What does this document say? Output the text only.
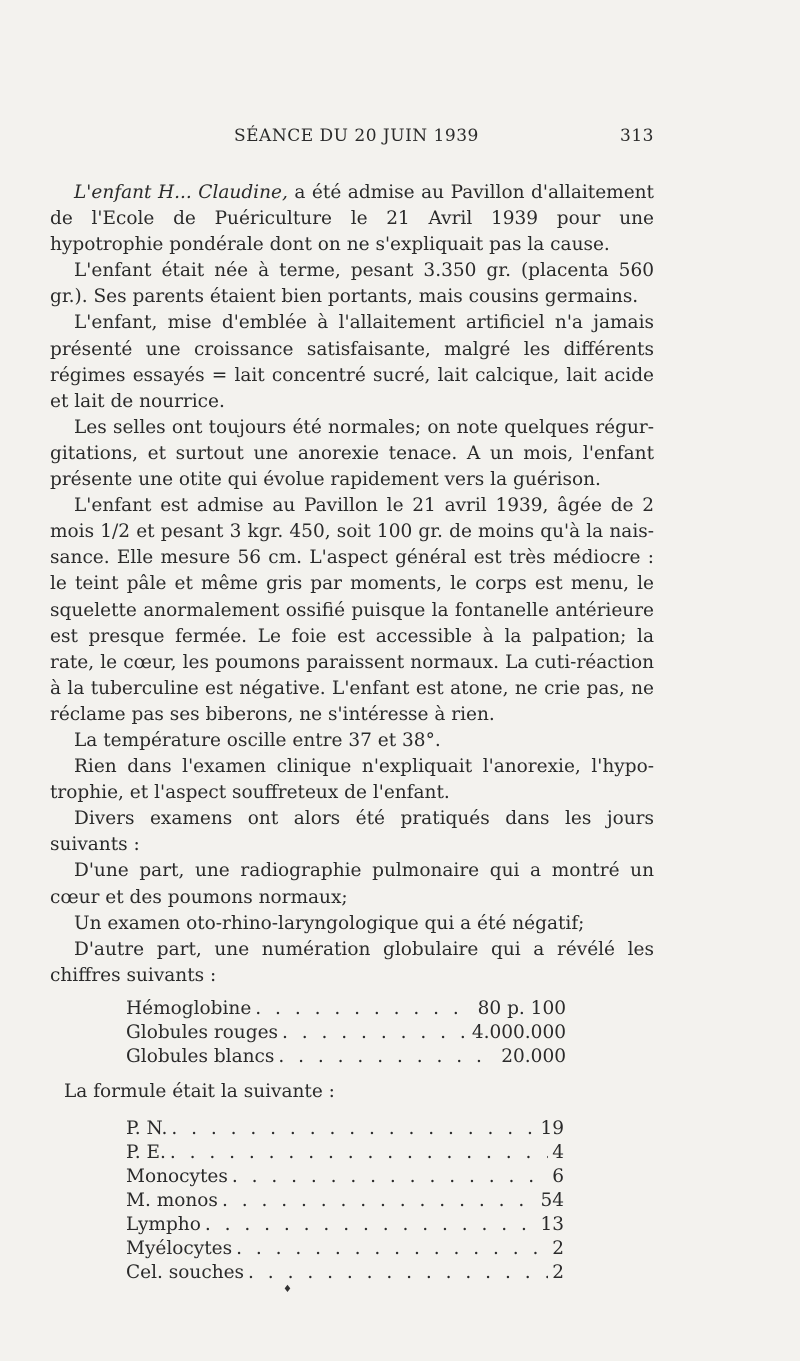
SÉANCE DU 20 JUIN 1939	313

L'enfant H... Claudine, a été admise au Pavillon d'allaitement de l'Ecole de Puériculture le 21 Avril 1939 pour une hypotrophie pondérale dont on ne s'expliquait pas la cause.

L'enfant était née à terme, pesant 3.350 gr. (placenta 560 gr.). Ses parents étaient bien portants, mais cousins germains.

L'enfant, mise d'emblée à l'allaitement artificiel n'a jamais présenté une croissance satisfaisante, malgré les différents régimes essayés = lait concentré sucré, lait calcique, lait acide et lait de nourrice.

Les selles ont toujours été normales; on note quelques régurgitations, et surtout une anorexie tenace. A un mois, l'enfant présente une otite qui évolue rapidement vers la guérison.

L'enfant est admise au Pavillon le 21 avril 1939, âgée de 2 mois 1/2 et pesant 3 kgr. 450, soit 100 gr. de moins qu'à la naissance. Elle mesure 56 cm. L'aspect général est très médiocre : le teint pâle et même gris par moments, le corps est menu, le squelette anormalement ossifié puisque la fontanelle antérieure est presque fermée. Le foie est accessible à la palpation; la rate, le cœur, les poumons paraissent normaux. La cuti-réaction à la tuberculine est négative. L'enfant est atone, ne crie pas, ne réclame pas ses biberons, ne s'intéresse à rien.

La température oscille entre 37 et 38°.

Rien dans l'examen clinique n'expliquait l'anorexie, l'hypotrophie, et l'aspect souffreteux de l'enfant.

Divers examens ont alors été pratiqués dans les jours suivants :

D'une part, une radiographie pulmonaire qui a montré un cœur et des poumons normaux;

Un examen oto-rhino-laryngologique qui a été négatif;

D'autre part, une numération globulaire qui a révélé les chiffres suivants :

Hémoglobine . . .	80 p. 100
Globules rouges . . .	4.000.000
Globules blancs . . .	20.000

La formule était la suivante :

P. N. . . .	19
P. E. . . .	4
Monocytes . . .	6
M. monos . . .	54
Lympho . . .	13
Myélocytes . . .	2
Cel. souches . . .	2
♦
